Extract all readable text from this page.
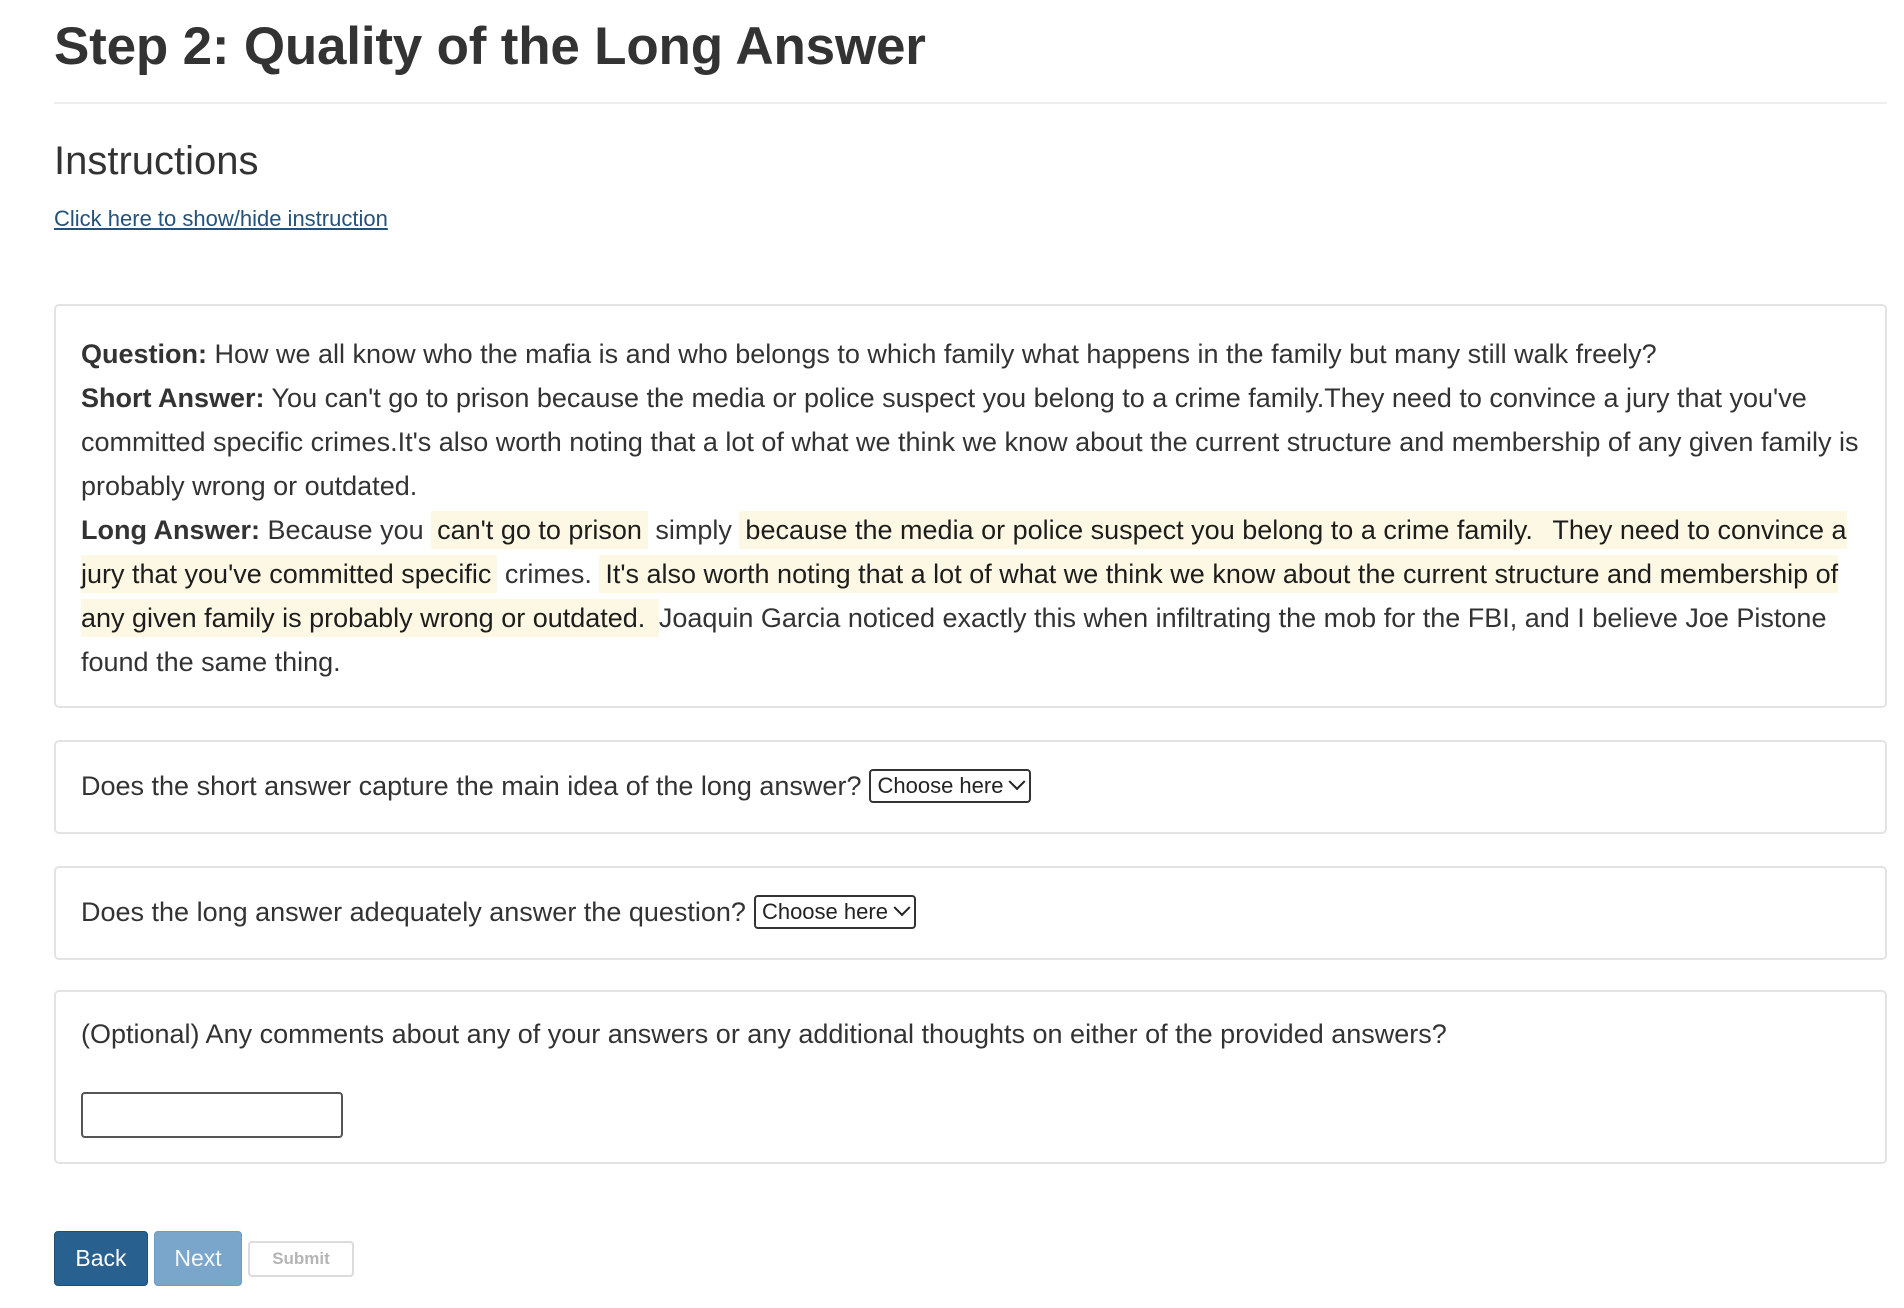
Step 2: Quality of the Long Answer
Instructions
Click here to show/hide instruction
Question: How we all know who the mafia is and who belongs to which family what happens in the family but many still walk freely?
Short Answer: You can't go to prison because the media or police suspect you belong to a crime family.They need to convince a jury that you've committed specific crimes.It's also worth noting that a lot of what we think we know about the current structure and membership of any given family is probably wrong or outdated.
Long Answer: Because you can't go to prison simply because the media or police suspect you belong to a crime family. They need to convince a jury that you've committed specific crimes. It's also worth noting that a lot of what we think we know about the current structure and membership of any given family is probably wrong or outdated. Joaquin Garcia noticed exactly this when infiltrating the mob for the FBI, and I believe Joe Pistone found the same thing.
Does the short answer capture the main idea of the long answer? Choose here
Does the long answer adequately answer the question? Choose here
(Optional) Any comments about any of your answers or any additional thoughts on either of the provided answers?
Back	Next	Submit
